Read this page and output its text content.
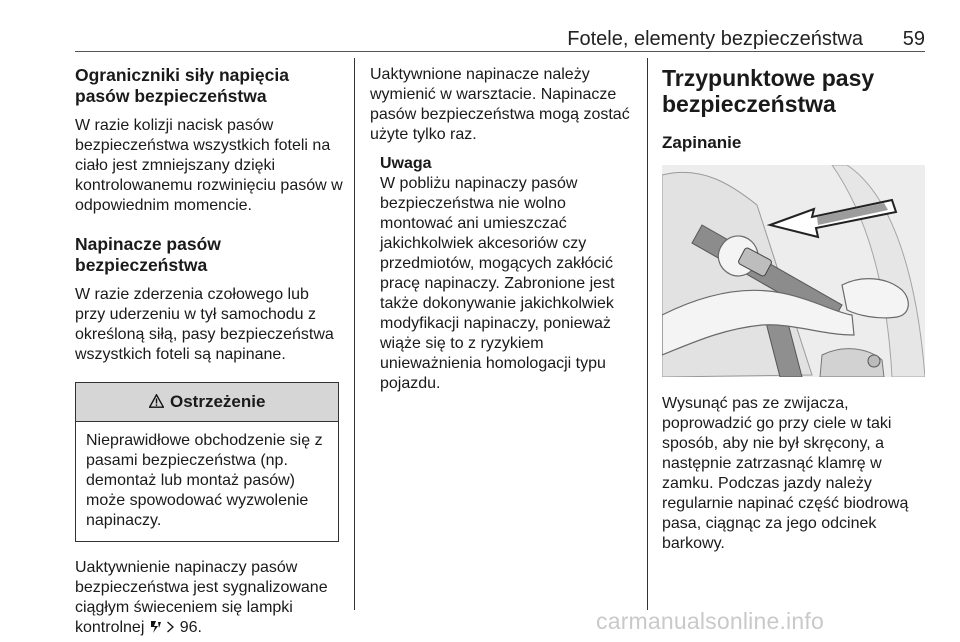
Fotele, elementy bezpieczeństwa 59
Ograniczniki siły napięcia pasów bezpieczeństwa

W razie kolizji nacisk pasów bezpieczeństwa wszystkich foteli na ciało jest zmniejszany dzięki kontrolowanemu rozwinięciu pasów w odpowiednim momencie.

Napinacze pasów bezpieczeństwa

W razie zderzenia czołowego lub przy uderzeniu w tył samochodu z określoną siłą, pasy bezpieczeństwa wszystkich foteli są napinane.

Ostrzeżenie
Nieprawidłowe obchodzenie się z pasami bezpieczeństwa (np. demontaż lub montaż pasów) może spowodować wyzwolenie napinaczy.

Uaktywnienie napinaczy pasów bezpieczeństwa jest sygnalizowane ciągłym świeceniem się lampki kontrolnej 96.

Uaktywnione napinacze należy wymienić w warsztacie. Napinacze pasów bezpieczeństwa mogą zostać użyte tylko raz.

Uwaga
W pobliżu napinaczy pasów bezpieczeństwa nie wolno montować ani umieszczać jakichkolwiek akcesoriów czy przedmiotów, mogących zakłócić pracę napinaczy. Zabronione jest także dokonywanie jakichkolwiek modyfikacji napinaczy, ponieważ wiąże się to z ryzykiem unieważnienia homologacji typu pojazdu.
Trzypunktowe pasy bezpieczeństwa
Zapinanie

Wysunąć pas ze zwijacza, poprowadzić go przy ciele w taki sposób, aby nie był skręcony, a następnie zatrzasnąć klamrę w zamku. Podczas jazdy należy regularnie napinać część biodrową pasa, ciągnąc za jego odcinek barkowy.

carmanualsonline.info
